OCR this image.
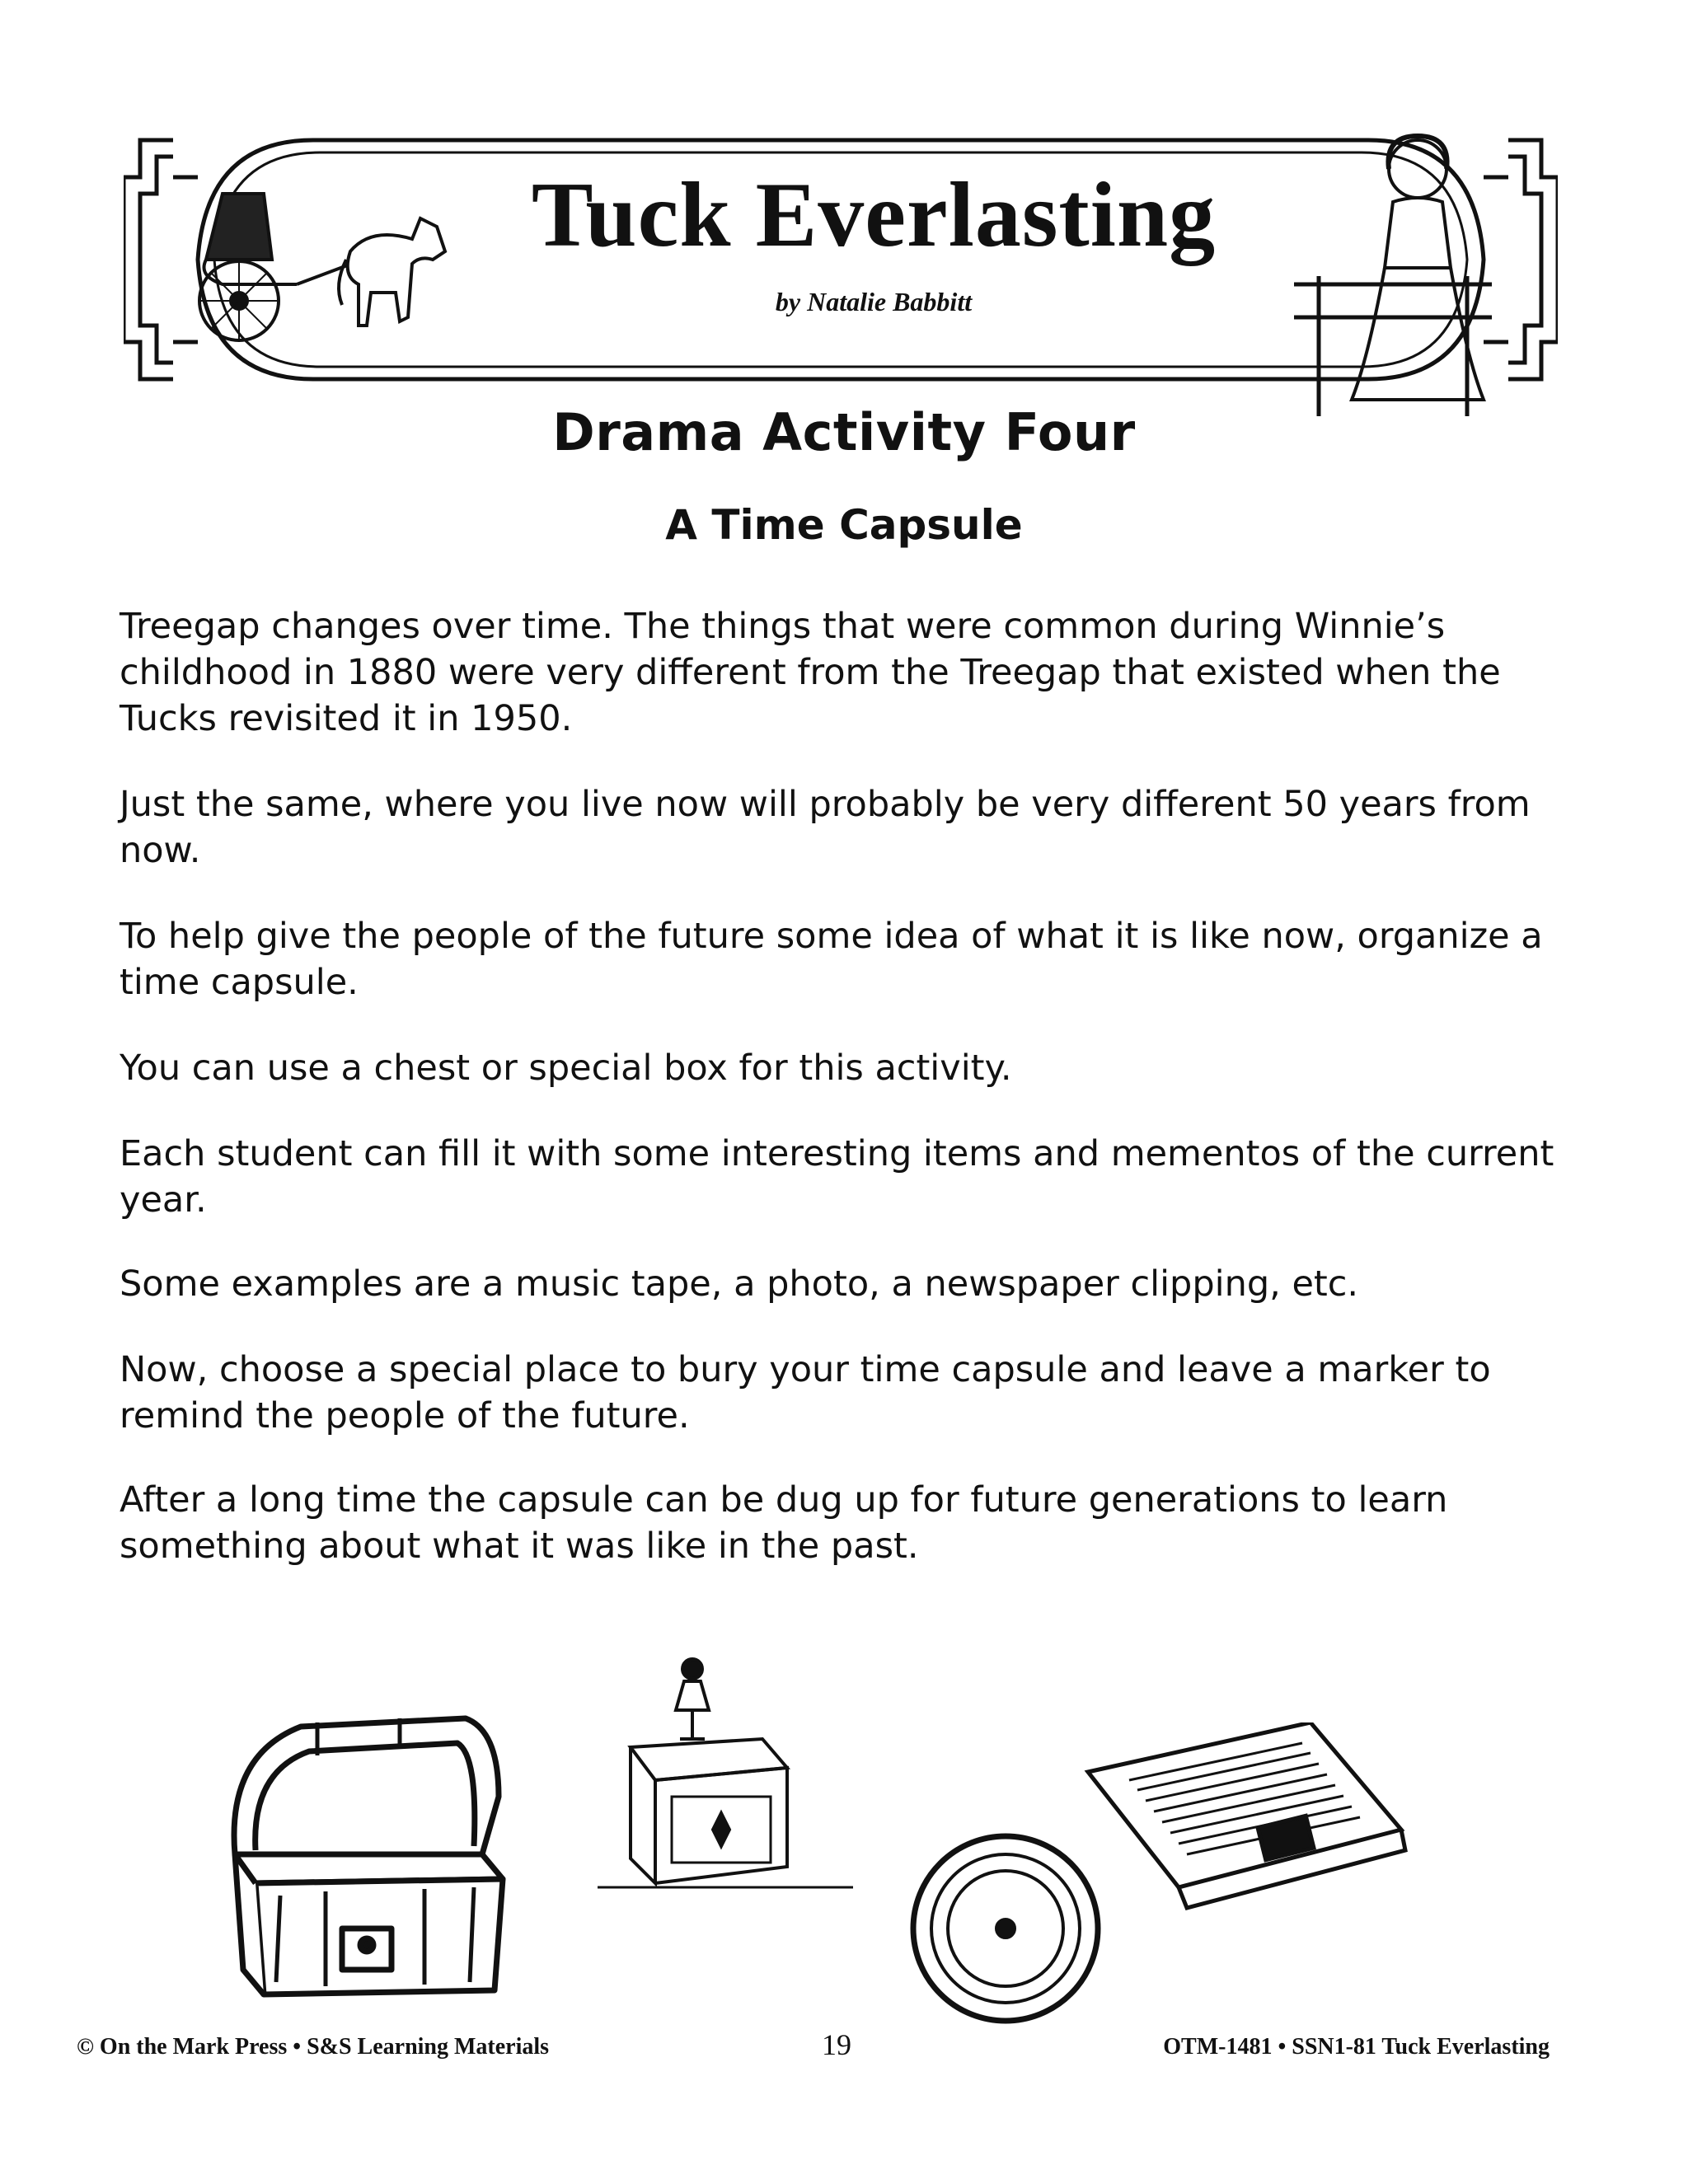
Tuck Everlasting
by Natalie Babbitt
Drama Activity Four
A Time Capsule

Treegap changes over time. The things that were common during Winnie’s childhood in 1880 were very different from the Treegap that existed when the Tucks revisited it in 1950.

Just the same, where you live now will probably be very different 50 years from now.

To help give the people of the future some idea of what it is like now, organize a time capsule.

You can use a chest or special box for this activity.

Each student can fill it with some interesting items and mementos of the current year.

Some examples are a music tape, a photo, a newspaper clipping, etc.

Now, choose a special place to bury your time capsule and leave a marker to remind the people of the future.

After a long time the capsule can be dug up for future generations to learn something about what it was like in the past.

© On the Mark Press • S&S Learning Materials	19	OTM-1481 • SSN1-81 Tuck Everlasting
